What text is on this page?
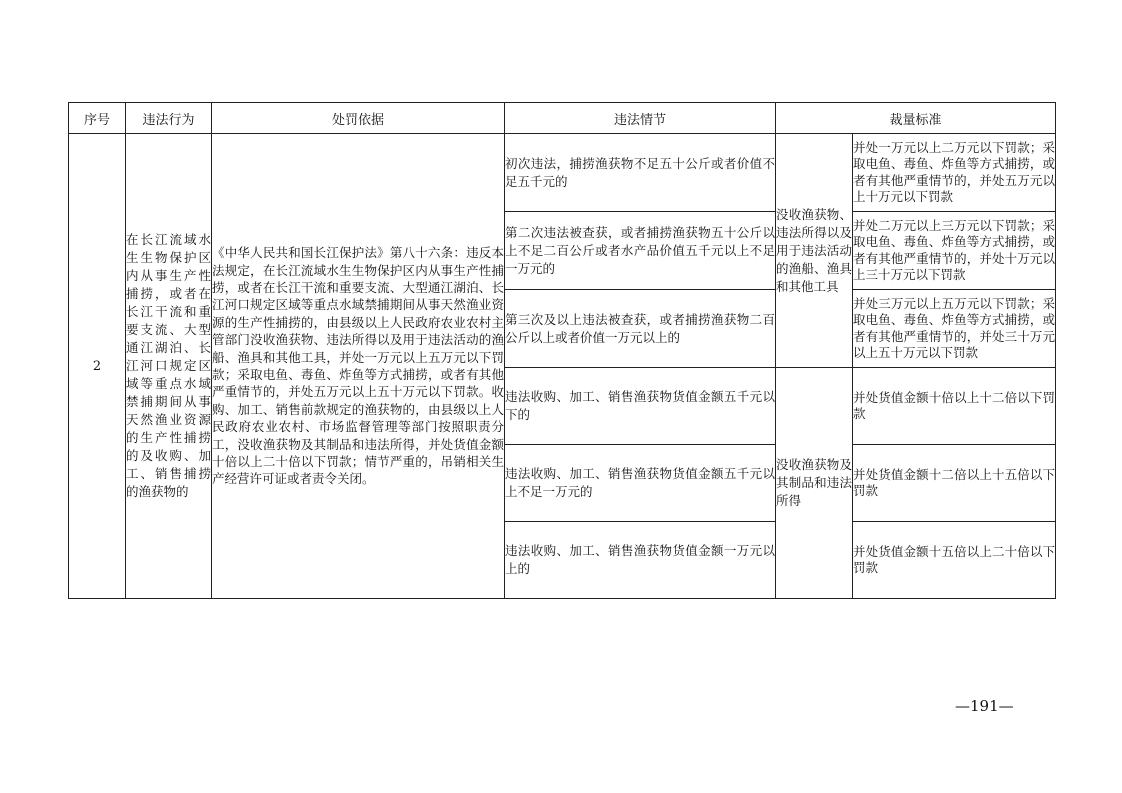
序号	违法行为	处罚依据	违法情节	裁量标准	
2	在长江流域水生生物保护区内从事生产性捕捞，或者在长江干流和重要支流、大型通江湖泊、长江河口规定区域等重点水域禁捕期间从事天然渔业资源的生产性捕捞的及收购、加工、销售捕捞的渔获物的	《中华人民共和国长江保护法》第八十六条：违反本法规定，在长江流域水生生物保护区内从事生产性捕捞，或者在长江干流和重要支流、大型通江湖泊、长江河口规定区域等重点水域禁捕期间从事天然渔业资源的生产性捕捞的，由县级以上人民政府农业农村主管部门没收渔获物、违法所得以及用于违法活动的渔船、渔具和其他工具，并处一万元以上五万元以下罚款；采取电鱼、毒鱼、炸鱼等方式捕捞，或者有其他严重情节的，并处五万元以上五十万元以下罚款。收购、加工、销售前款规定的渔获物的，由县级以上人民政府农业农村、市场监督管理等部门按照职责分工，没收渔获物及其制品和违法所得，并处货值金额十倍以上二十倍以下罚款；情节严重的，吊销相关生产经营许可证或者责令关闭。	初次违法，捕捞渔获物不足五十公斤或者价值不足五千元的	没收渔获物、违法所得以及用于违法活动的渔船、渔具和其他工具	并处一万元以上二万元以下罚款；采取电鱼、毒鱼、炸鱼等方式捕捞，或者有其他严重情节的，并处五万元以上十万元以下罚款
			第二次违法被查获，或者捕捞渔获物五十公斤以上不足二百公斤或者水产品价值五千元以上不足一万元的		并处二万元以上三万元以下罚款；采取电鱼、毒鱼、炸鱼等方式捕捞，或者有其他严重情节的，并处十万元以上三十万元以下罚款
			第三次及以上违法被查获，或者捕捞渔获物二百公斤以上或者价值一万元以上的		并处三万元以上五万元以下罚款；采取电鱼、毒鱼、炸鱼等方式捕捞，或者有其他严重情节的，并处三十万元以上五十万元以下罚款
			违法收购、加工、销售渔获物货值金额五千元以下的	没收渔获物及其制品和违法所得	并处货值金额十倍以上十二倍以下罚款
			违法收购、加工、销售渔获物货值金额五千元以上不足一万元的		并处货值金额十二倍以上十五倍以下罚款
			违法收购、加工、销售渔获物货值金额一万元以上的		并处货值金额十五倍以上二十倍以下罚款
—191—
